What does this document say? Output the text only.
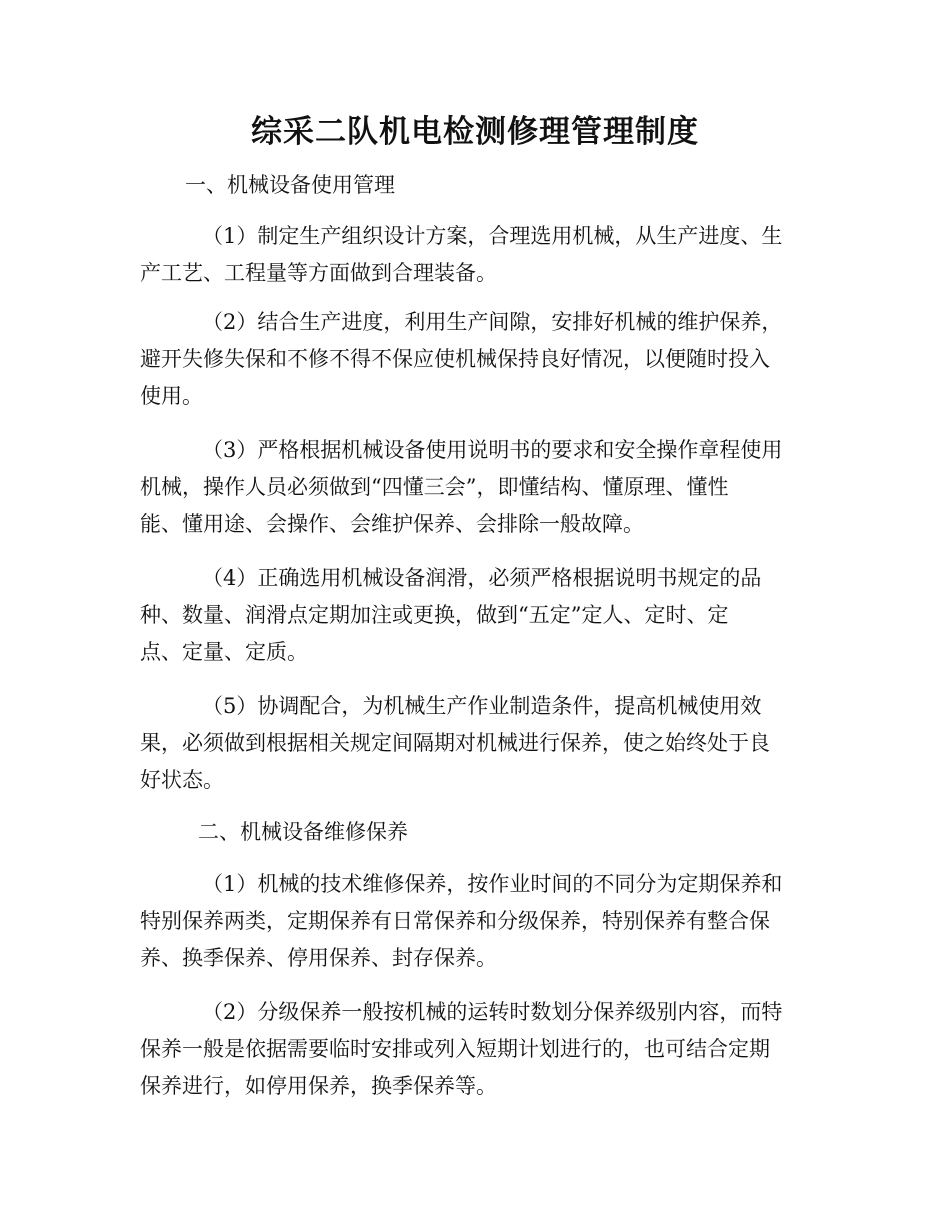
综采二队机电检测修理管理制度

一、机械设备使用管理

（1）制定生产组织设计方案，合理选用机械，从生产进度、生
产工艺、工程量等方面做到合理装备。

（2）结合生产进度，利用生产间隙，安排好机械的维护保养，
避开失修失保和不修不得不保应使机械保持良好情况，以便随时投入
使用。

（3）严格根据机械设备使用说明书的要求和安全操作章程使用
机械，操作人员必须做到“四懂三会”，即懂结构、懂原理、懂性
能、懂用途、会操作、会维护保养、会排除一般故障。

（4）正确选用机械设备润滑，必须严格根据说明书规定的品
种、数量、润滑点定期加注或更换，做到“五定”定人、定时、定
点、定量、定质。

（5）协调配合，为机械生产作业制造条件，提高机械使用效
果，必须做到根据相关规定间隔期对机械进行保养，使之始终处于良
好状态。

二、机械设备维修保养

（1）机械的技术维修保养，按作业时间的不同分为定期保养和
特别保养两类，定期保养有日常保养和分级保养，特别保养有整合保
养、换季保养、停用保养、封存保养。

（2）分级保养一般按机械的运转时数划分保养级别内容，而特
保养一般是依据需要临时安排或列入短期计划进行的，也可结合定期
保养进行，如停用保养，换季保养等。
